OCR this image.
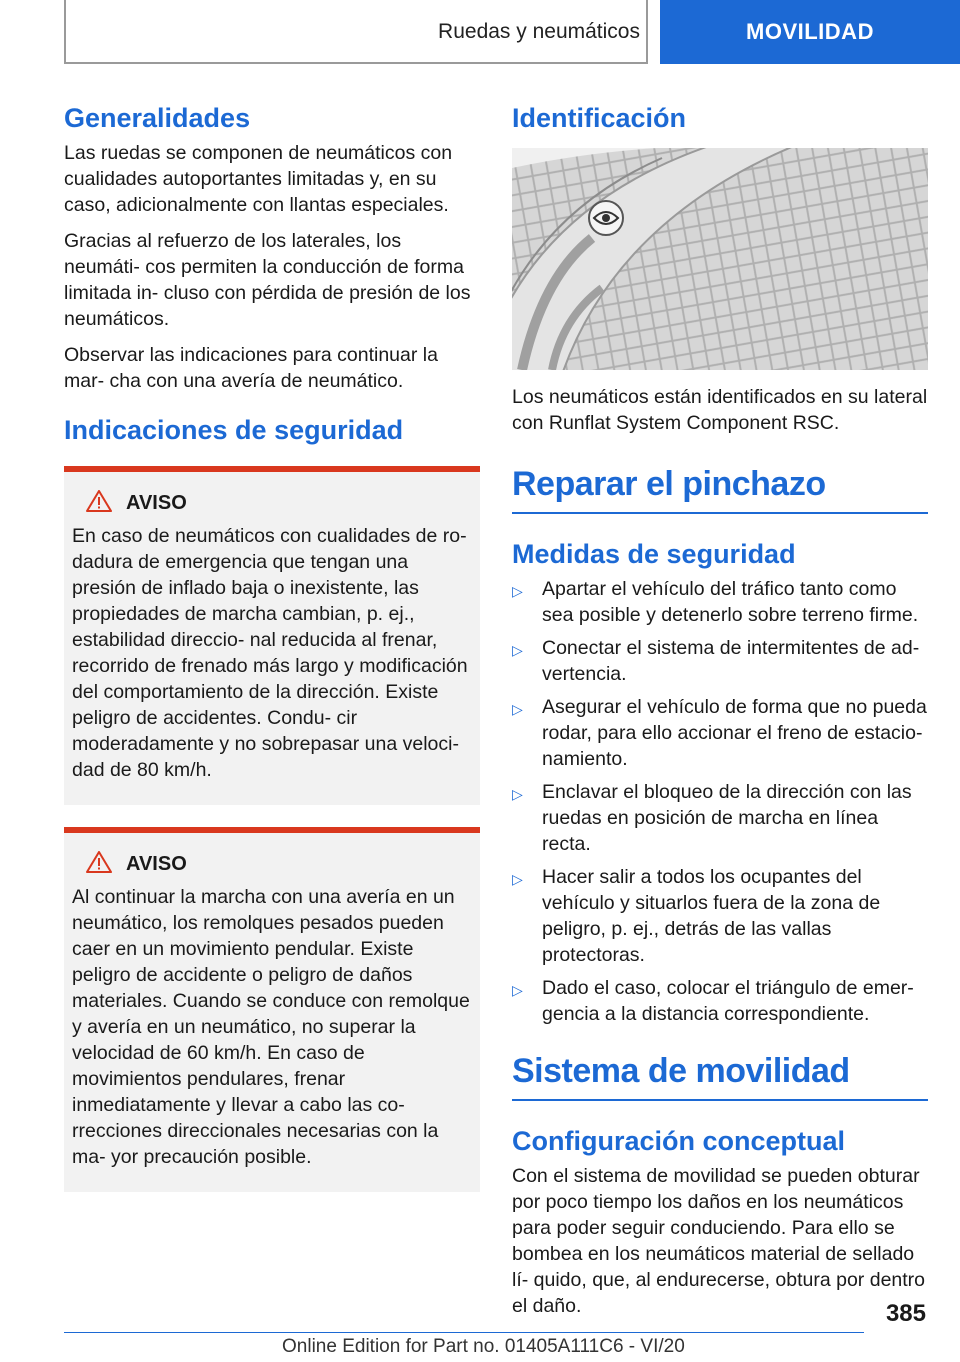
Ruedas y neumáticos	MOVILIDAD
Generalidades

Las ruedas se componen de neumáticos con cualidades autoportantes limitadas y, en su caso, adicionalmente con llantas especiales.

Gracias al refuerzo de los laterales, los neumáti‐ cos permiten la conducción de forma limitada in‐ cluso con pérdida de presión de los neumáticos.

Observar las indicaciones para continuar la mar‐ cha con una avería de neumático.

Indicaciones de seguridad
AVISO

En caso de neumáticos con cualidades de ro‐ dadura de emergencia que tengan una presión de inflado baja o inexistente, las propiedades de marcha cambian, p. ej., estabilidad direccio‐ nal reducida al frenar, recorrido de frenado más largo y modificación del comportamiento de la dirección. Existe peligro de accidentes. Condu‐ cir moderadamente y no sobrepasar una veloci‐ dad de 80 km/h.

AVISO

Al continuar la marcha con una avería en un neumático, los remolques pesados pueden caer en un movimiento pendular. Existe peligro de accidente o peligro de daños materiales. Cuando se conduce con remolque y avería en un neumático, no superar la velocidad de 60 km/h. En caso de movimientos pendulares, frenar inmediatamente y llevar a cabo las co‐ rrecciones direccionales necesarias con la ma‐ yor precaución posible.

Identificación

Los neumáticos están identificados en su lateral con Runflat System Component RSC.

Reparar el pinchazo
Medidas de seguridad
▷ Apartar el vehículo del tráfico tanto como sea posible y detenerlo sobre terreno firme.
▷ Conectar el sistema de intermitentes de ad‐ vertencia.
▷ Asegurar el vehículo de forma que no pueda rodar, para ello accionar el freno de estacio‐ namiento.
▷ Enclavar el bloqueo de la dirección con las ruedas en posición de marcha en línea recta.
▷ Hacer salir a todos los ocupantes del vehículo y situarlos fuera de la zona de peligro, p. ej., detrás de las vallas protectoras.
▷ Dado el caso, colocar el triángulo de emer‐ gencia a la distancia correspondiente.
Sistema de movilidad
Configuración conceptual

Con el sistema de movilidad se pueden obturar por poco tiempo los daños en los neumáticos para poder seguir conduciendo. Para ello se bombea en los neumáticos material de sellado lí‐ quido, que, al endurecerse, obtura por dentro el daño.	385
Online Edition for Part no. 01405A111C6 - VI/20
